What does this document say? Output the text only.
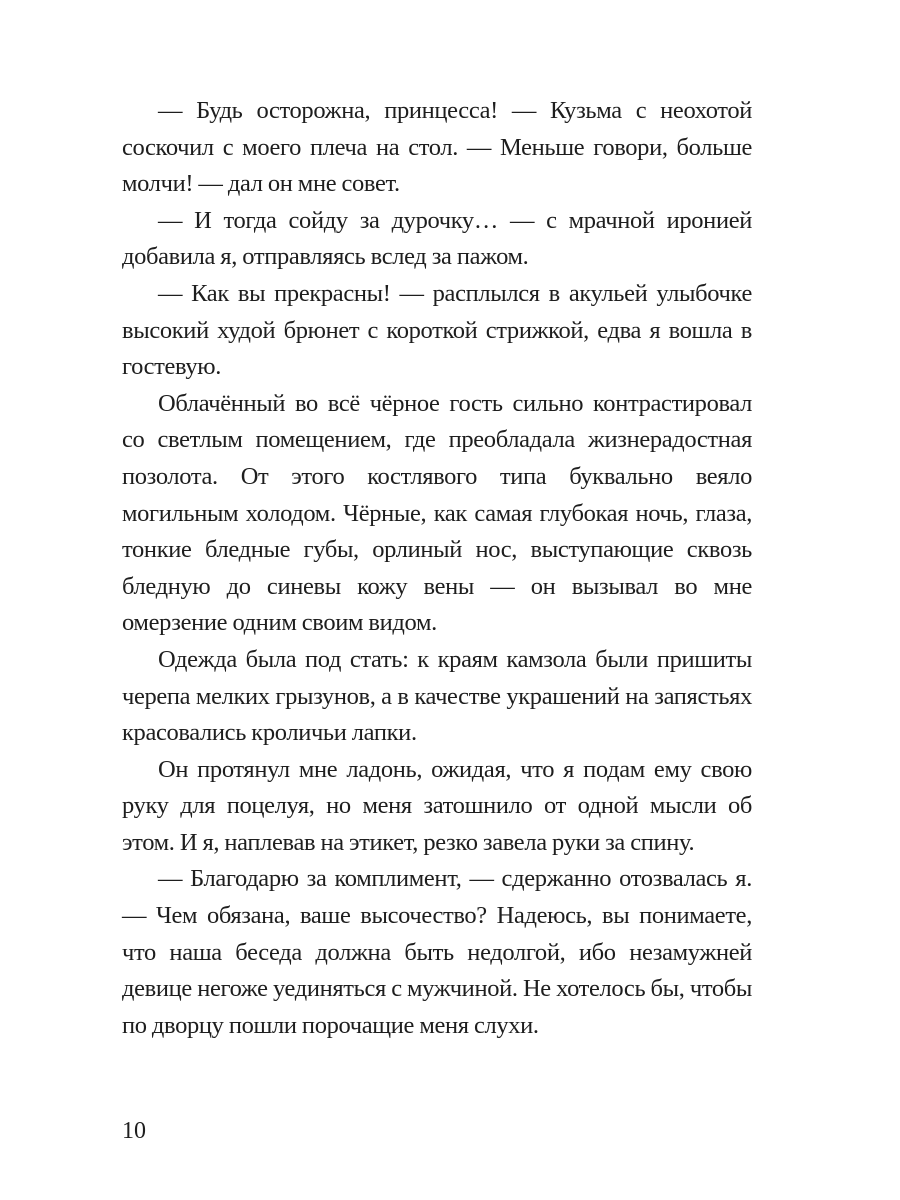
— Будь осторожна, принцесса! — Кузьма с неохотой соскочил с моего плеча на стол. — Меньше говори, больше молчи! — дал он мне совет.

— И тогда сойду за дурочку… — с мрачной иронией добавила я, отправляясь вслед за пажом.

— Как вы прекрасны! — расплылся в акульей улыбочке высокий худой брюнет с короткой стрижкой, едва я вошла в гостевую.

Облачённый во всё чёрное гость сильно контрастировал со светлым помещением, где преобладала жизнерадостная позолота. От этого костлявого типа буквально веяло могильным холодом. Чёрные, как самая глубокая ночь, глаза, тонкие бледные губы, орлиный нос, выступающие сквозь бледную до синевы кожу вены — он вызывал во мне омерзение одним своим видом.

Одежда была под стать: к краям камзола были пришиты черепа мелких грызунов, а в качестве украшений на запястьях красовались кроличьи лапки.

Он протянул мне ладонь, ожидая, что я подам ему свою руку для поцелуя, но меня затошнило от одной мысли об этом. И я, наплевав на этикет, резко завела руки за спину.

— Благодарю за комплимент, — сдержанно отозвалась я. — Чем обязана, ваше высочество? Надеюсь, вы понимаете, что наша беседа должна быть недолгой, ибо незамужней девице негоже уединяться с мужчиной. Не хотелось бы, чтобы по дворцу пошли порочащие меня слухи.

10
